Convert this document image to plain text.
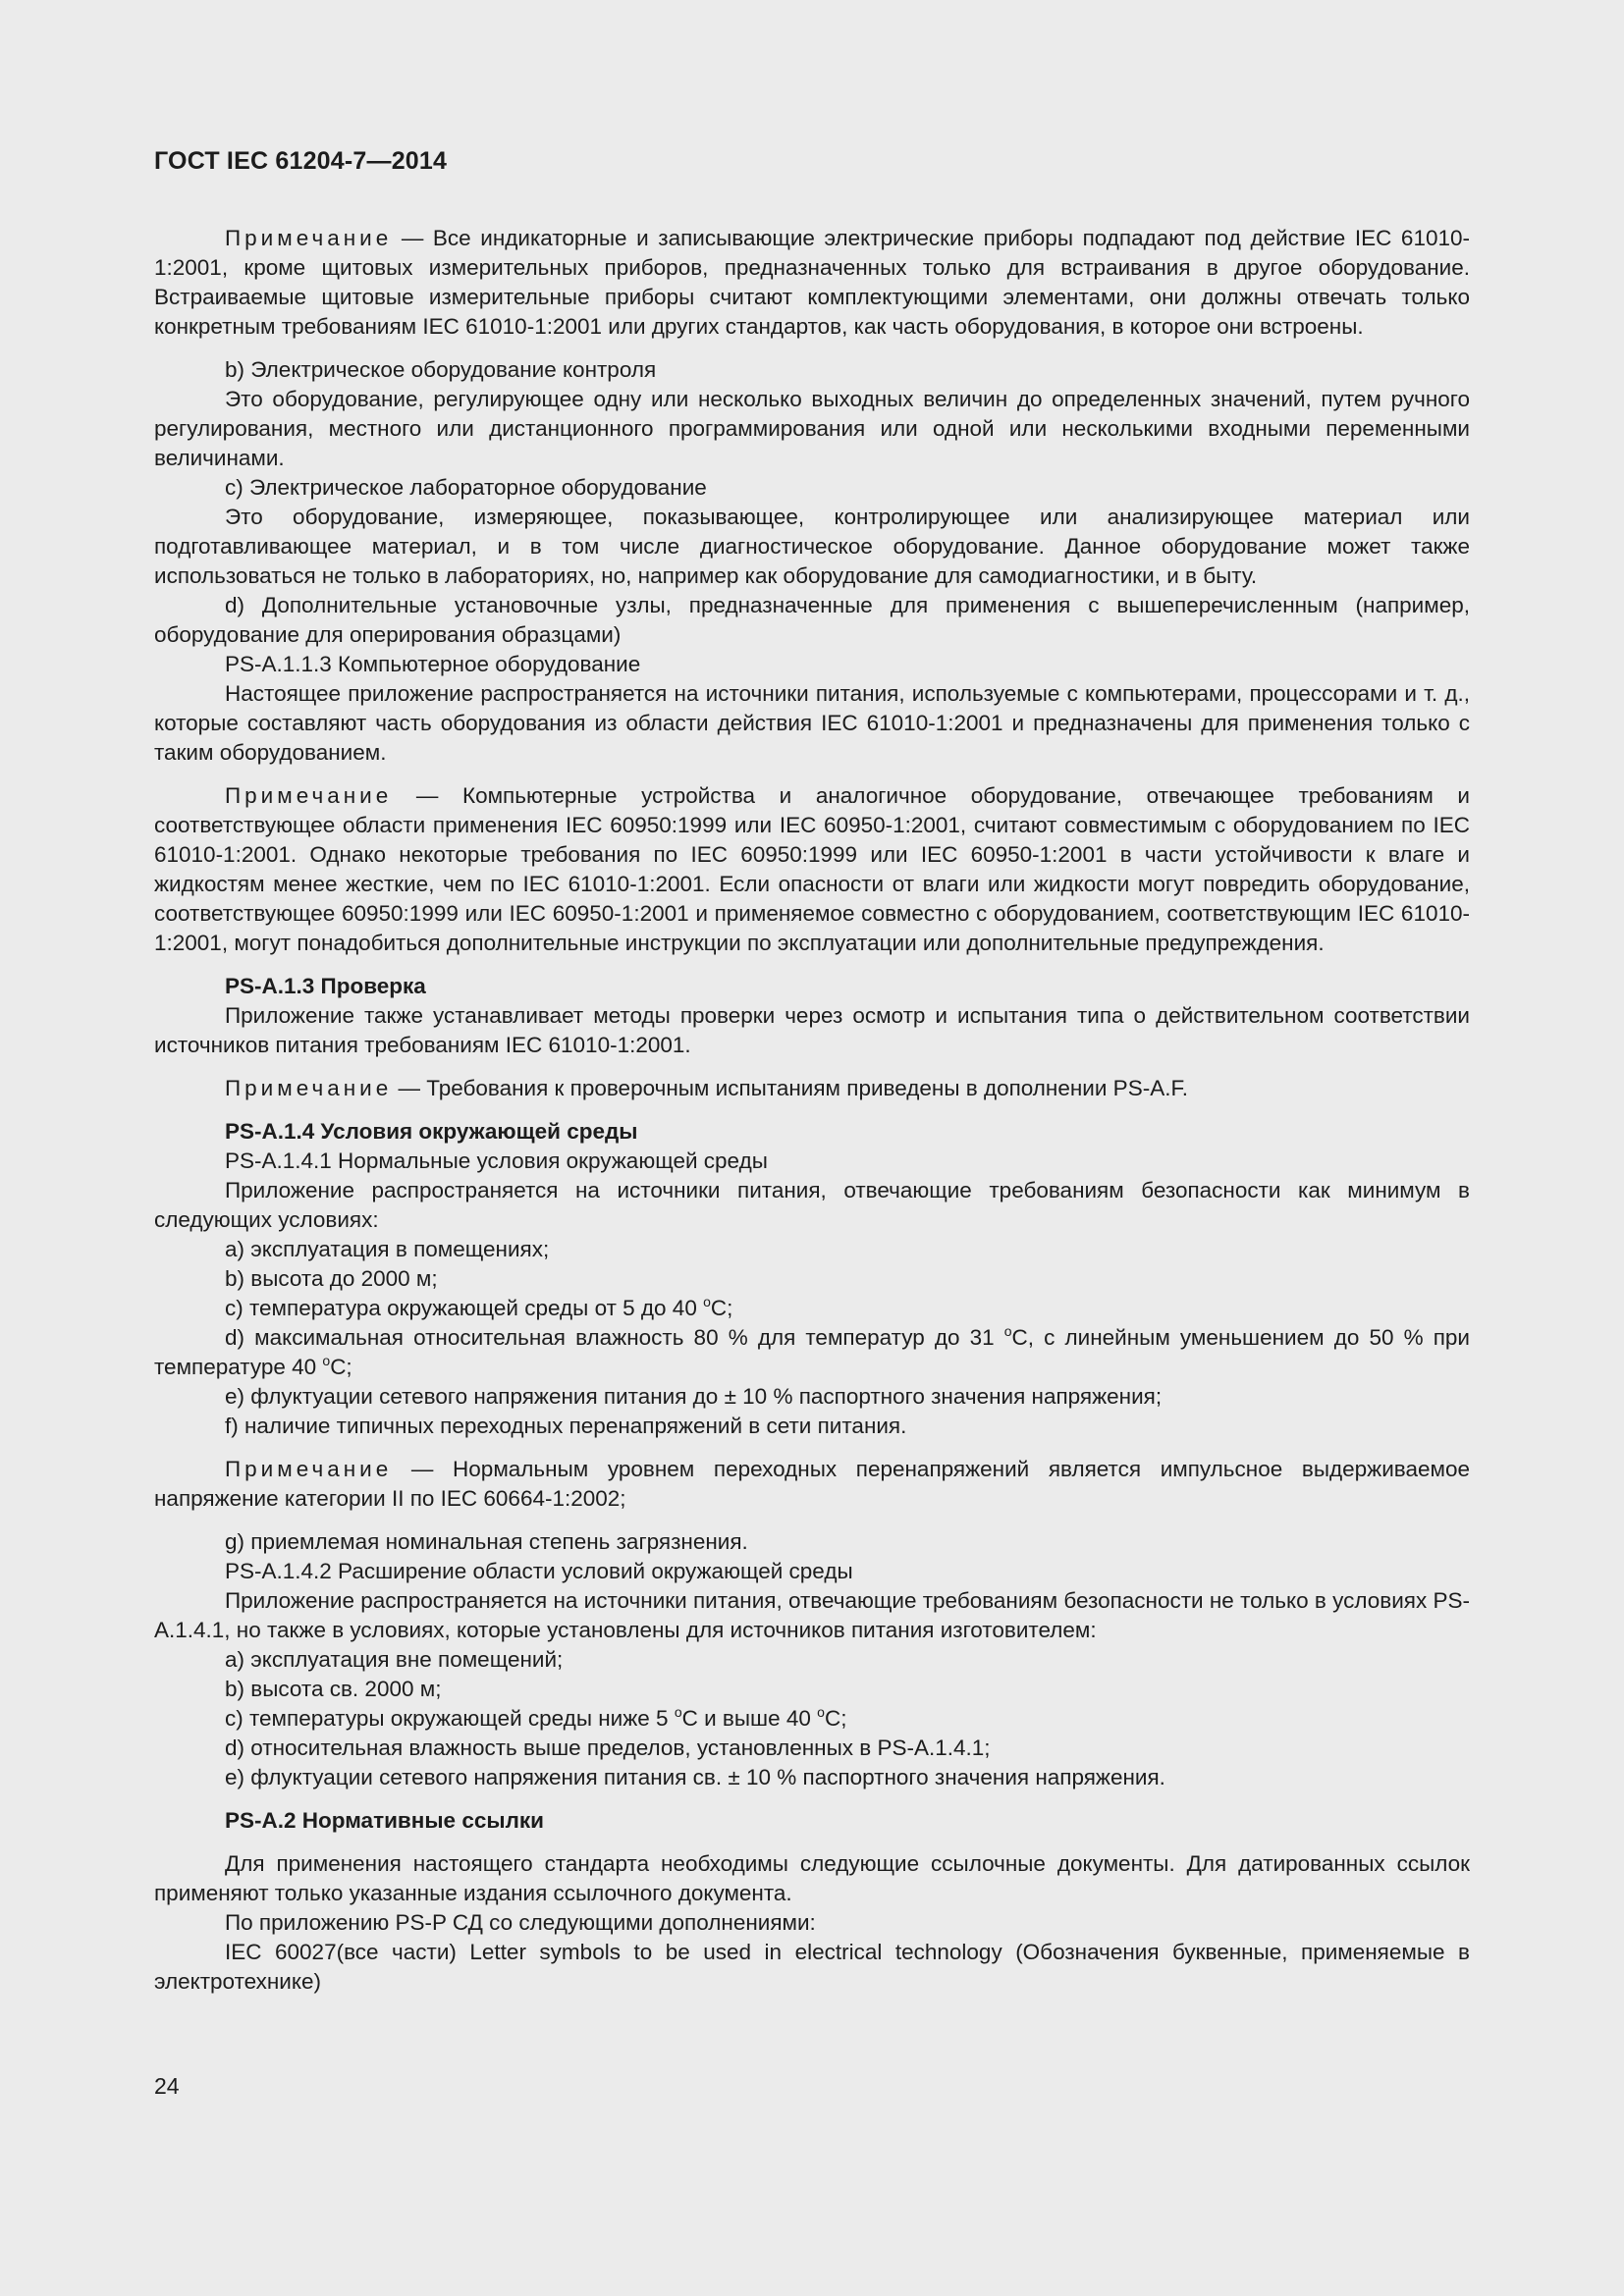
ГОСТ IEC 61204-7—2014

Примечание — Все индикаторные и записывающие электрические приборы подпадают под действие IEC 61010-1:2001, кроме щитовых измерительных приборов, предназначенных только для встраивания в другое оборудование. Встраиваемые щитовые измерительные приборы считают комплектующими элементами, они должны отвечать только конкретным требованиям IEC 61010-1:2001 или других стандартов, как часть оборудования, в которое они встроены.

b) Электрическое оборудование контроля

Это оборудование, регулирующее одну или несколько выходных величин до определенных значений, путем ручного регулирования, местного или дистанционного программирования или одной или несколькими входными переменными величинами.

c) Электрическое лабораторное оборудование

Это оборудование, измеряющее, показывающее, контролирующее или анализирующее материал или подготавливающее материал, и в том числе диагностическое оборудование. Данное оборудование может также использоваться не только в лабораториях, но, например как оборудование для самодиагностики, и в быту.

d) Дополнительные установочные узлы, предназначенные для применения с вышеперечисленным (например, оборудование для оперирования образцами)

PS-A.1.1.3 Компьютерное оборудование

Настоящее приложение распространяется на источники питания, используемые с компьютерами, процессорами и т. д., которые составляют часть оборудования из области действия IEC 61010-1:2001 и предназначены для применения только с таким оборудованием.

Примечание — Компьютерные устройства и аналогичное оборудование, отвечающее требованиям и соответствующее области применения IEC 60950:1999 или IEC 60950-1:2001, считают совместимым с оборудованием по IEC 61010-1:2001. Однако некоторые требования по IEC 60950:1999 или IEC 60950-1:2001 в части устойчивости к влаге и жидкостям менее жесткие, чем по IEC 61010-1:2001. Если опасности от влаги или жидкости могут повредить оборудование, соответствующее 60950:1999 или IEC 60950-1:2001 и применяемое совместно с оборудованием, соответствующим IEC 61010-1:2001, могут понадобиться дополнительные инструкции по эксплуатации или дополнительные предупреждения.

PS-A.1.3 Проверка

Приложение также устанавливает методы проверки через осмотр и испытания типа о действительном соответствии источников питания требованиям IEC 61010-1:2001.

Примечание — Требования к проверочным испытаниям приведены в дополнении PS-A.F.

PS-A.1.4 Условия окружающей среды

PS-A.1.4.1 Нормальные условия окружающей среды

Приложение распространяется на источники питания, отвечающие требованиям безопасности как минимум в следующих условиях:

a) эксплуатация в помещениях;

b) высота до 2000 м;

c) температура окружающей среды от 5 до 40 $^о$С;

d) максимальная относительная влажность 80 % для температур до 31 $^о$С, с линейным уменьшением до 50 % при температуре 40 $^о$С;

e) флуктуации сетевого напряжения питания до ± 10 % паспортного значения напряжения;

f) наличие типичных переходных перенапряжений в сети питания.

Примечание — Нормальным уровнем переходных перенапряжений является импульсное выдерживаемое напряжение категории II по IEC 60664-1:2002;

g) приемлемая номинальная степень загрязнения.

PS-A.1.4.2 Расширение области условий окружающей среды

Приложение распространяется на источники питания, отвечающие требованиям безопасности не только в условиях PS-A.1.4.1, но также в условиях, которые установлены для источников питания изготовителем:

a) эксплуатация вне помещений;

b) высота св. 2000 м;

c) температуры окружающей среды ниже 5 $^о$С и выше 40 $^о$С;

d) относительная влажность выше пределов, установленных в PS-A.1.4.1;

e) флуктуации сетевого напряжения питания св. ± 10 % паспортного значения напряжения.

PS-A.2 Нормативные ссылки

Для применения настоящего стандарта необходимы следующие ссылочные документы. Для датированных ссылок применяют только указанные издания ссылочного документа.

По приложению PS-P СД со следующими дополнениями:

IEC 60027(все части) Letter symbols to be used in electrical technology (Обозначения буквенные, применяемые в электротехнике)

24
